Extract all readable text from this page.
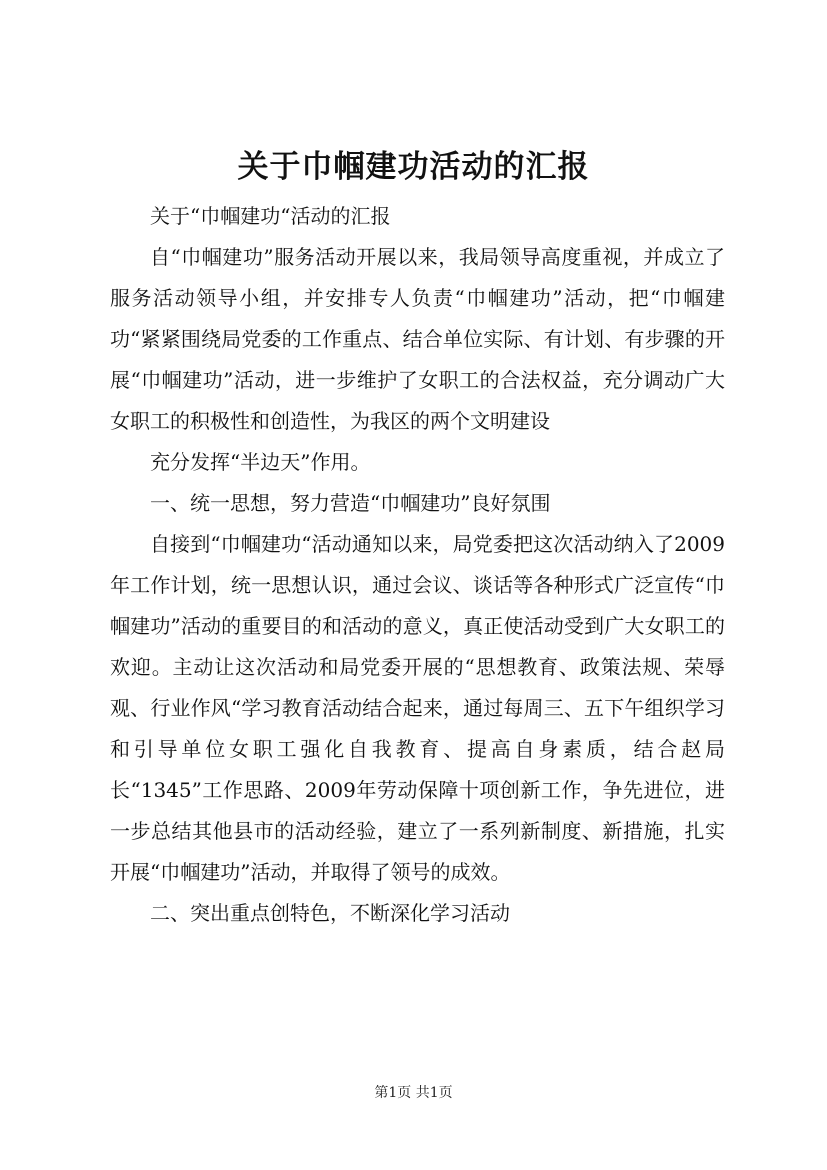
关于巾帼建功活动的汇报

关于“巾帼建功“活动的汇报

自“巾帼建功”服务活动开展以来，我局领导高度重视，并成立了服务活动领导小组，并安排专人负责“巾帼建功”活动，把“巾帼建功“紧紧围绕局党委的工作重点、结合单位实际、有计划、有步骤的开展“巾帼建功”活动，进一步维护了女职工的合法权益，充分调动广大女职工的积极性和创造性，为我区的两个文明建设

充分发挥“半边天”作用。

一、统一思想，努力营造“巾帼建功”良好氛围

自接到“巾帼建功“活动通知以来，局党委把这次活动纳入了2009年工作计划，统一思想认识，通过会议、谈话等各种形式广泛宣传“巾帼建功”活动的重要目的和活动的意义，真正使活动受到广大女职工的欢迎。主动让这次活动和局党委开展的“思想教育、政策法规、荣辱观、行业作风“学习教育活动结合起来，通过每周三、五下午组织学习和引导单位女职工强化自我教育、提高自身素质，结合赵局长“1345”工作思路、2009年劳动保障十项创新工作，争先进位，进一步总结其他县市的活动经验，建立了一系列新制度、新措施，扎实开展“巾帼建功”活动，并取得了领号的成效。

二、突出重点创特色，不断深化学习活动

第1页 共1页
